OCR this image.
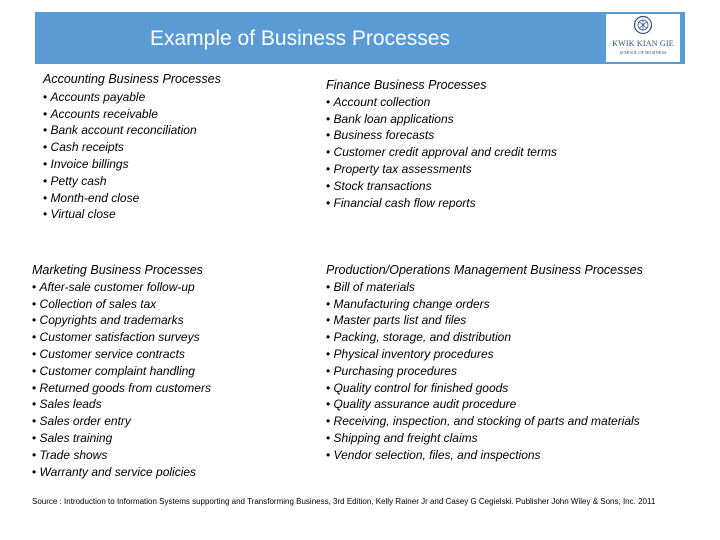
Example of Business Processes	KWIK KIAN GIE
SCHOOL OF BUSINESS
Accounting Business Processes
• Accounts payable
• Accounts receivable
• Bank account reconciliation
• Cash receipts
• Invoice billings
• Petty cash
• Month-end close
• Virtual close
Finance Business Processes
• Account collection
• Bank loan applications
• Business forecasts
• Customer credit approval and credit terms
• Property tax assessments
• Stock transactions
• Financial cash flow reports
Marketing Business Processes
• After-sale customer follow-up
• Collection of sales tax
• Copyrights and trademarks
• Customer satisfaction surveys
• Customer service contracts
• Customer complaint handling
• Returned goods from customers
• Sales leads
• Sales order entry
• Sales training
• Trade shows
• Warranty and service policies
Production/Operations Management Business Processes
• Bill of materials
• Manufacturing change orders
• Master parts list and files
• Packing, storage, and distribution
• Physical inventory procedures
• Purchasing procedures
• Quality control for finished goods
• Quality assurance audit procedure
• Receiving, inspection, and stocking of parts and materials
• Shipping and freight claims
• Vendor selection, files, and inspections
Source : Introduction to Information Systems supporting and Transforming Business, 3rd Edition, Kelly Rainer Jr and Casey G Cegielski. Publisher John Wiley & Sons, Inc. 2011
